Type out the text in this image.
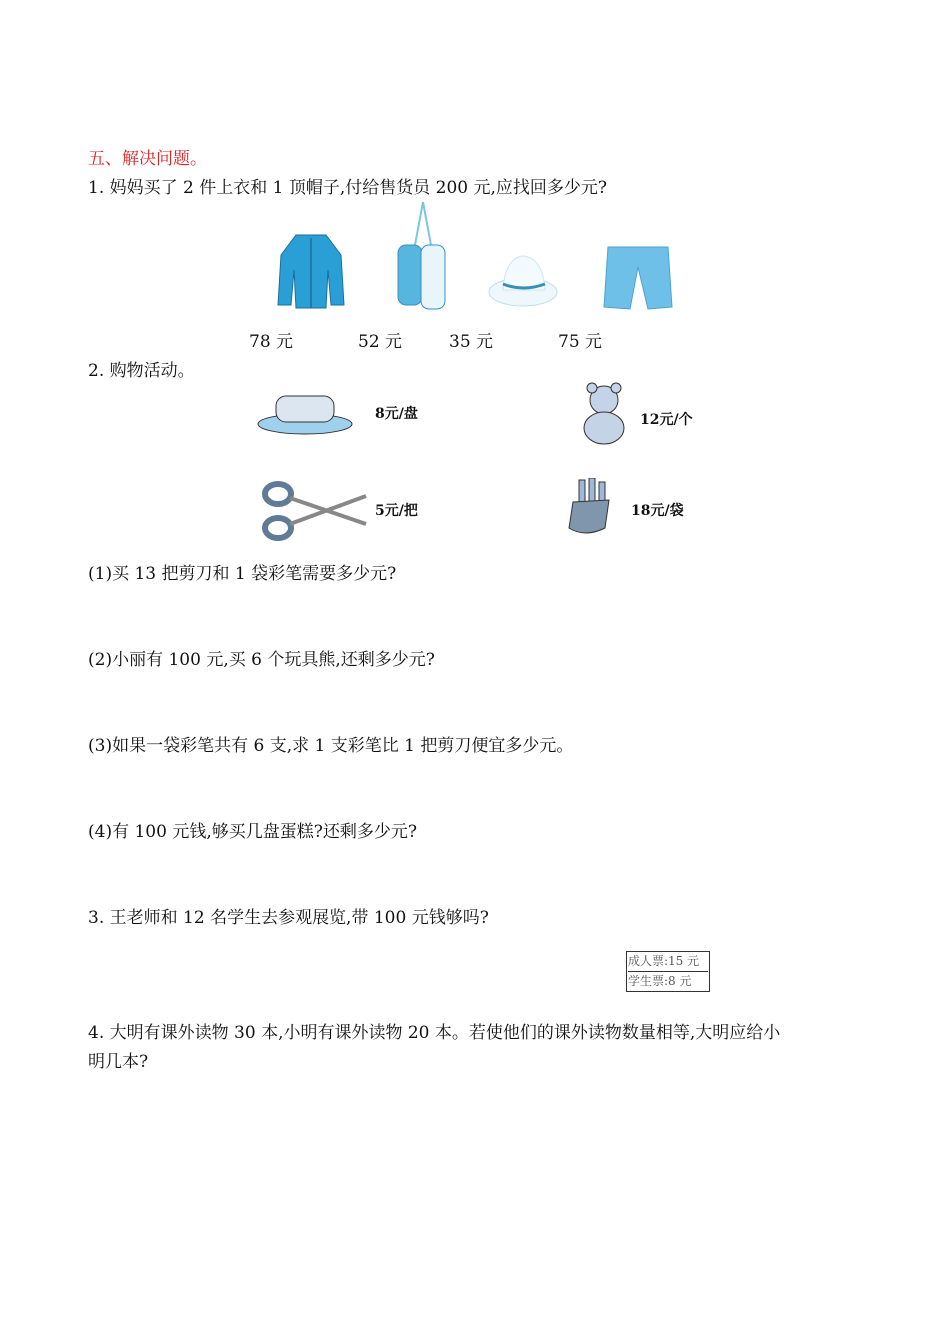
五、解决问题。
1. 妈妈买了 2 件上衣和 1 顶帽子,付给售货员 200 元,应找回多少元?
78 元	52 元	35 元	75 元
2. 购物活动。
8元/盘	12元/个
5元/把	18元/袋
(1)买 13 把剪刀和 1 袋彩笔需要多少元?
(2)小丽有 100 元,买 6 个玩具熊,还剩多少元?
(3)如果一袋彩笔共有 6 支,求 1 支彩笔比 1 把剪刀便宜多少元。
(4)有 100 元钱,够买几盘蛋糕?还剩多少元?
3. 王老师和 12 名学生去参观展览,带 100 元钱够吗?
成人票:15 元
学生票:8 元
4. 大明有课外读物 30 本,小明有课外读物 20 本。若使他们的课外读物数量相等,大明应给小
明几本?
